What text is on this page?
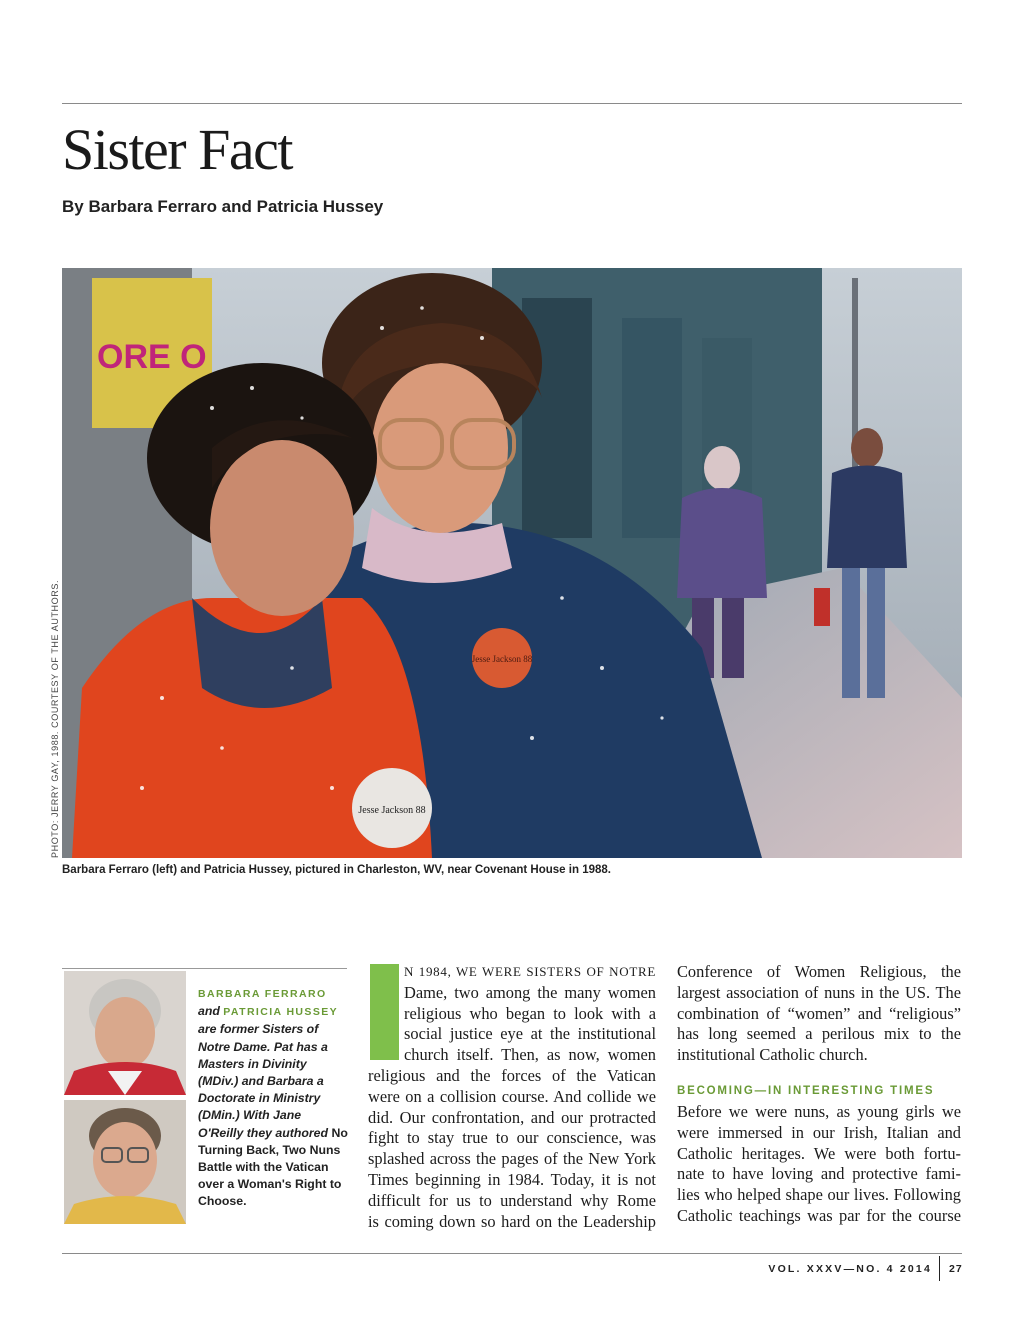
Sister Fact
By Barbara Ferraro and Patricia Hussey
ORE O
Jesse Jackson 88
Jesse Jackson 88
PHOTO: JERRY GAY, 1988. COURTESY OF THE AUTHORS.
Barbara Ferraro (left) and Patricia Hussey, pictured in Charleston, WV, near Covenant House in 1988.
BARBARA FERRARO and PATRICIA HUSSEY are former Sisters of Notre Dame. Pat has a Masters in Divinity (MDiv.) and Barbara a Doctorate in Ministry (DMin.) With Jane O'Reilly they authored No Turning Back, Two Nuns Battle with the Vatican over a Woman's Right to Choose.
N 1984, WE WERE SISTERS OF NOTRE
Dame, two among the many women
religious who began to look with a
social justice eye at the institutional
church itself. Then, as now, women
religious and the forces of the Vatican
were on a collision course. And collide we
did. Our confrontation, and our protracted
fight to stay true to our conscience, was
splashed across the pages of the New York
Times beginning in 1984. Today, it is not
difficult for us to understand why Rome
is coming down so hard on the Leadership
Conference of Women Religious, the
largest association of nuns in the US. The
combination of “women” and “religious”
has long seemed a perilous mix to the
institutional Catholic church.
BECOMING—IN INTERESTING TIMES
Before we were nuns, as young girls we
were immersed in our Irish, Italian and
Catholic heritages. We were both fortu-
nate to have loving and protective fami-
lies who helped shape our lives. Following
Catholic teachings was par for the course
VOL. XXXV—NO. 4 2014 27
